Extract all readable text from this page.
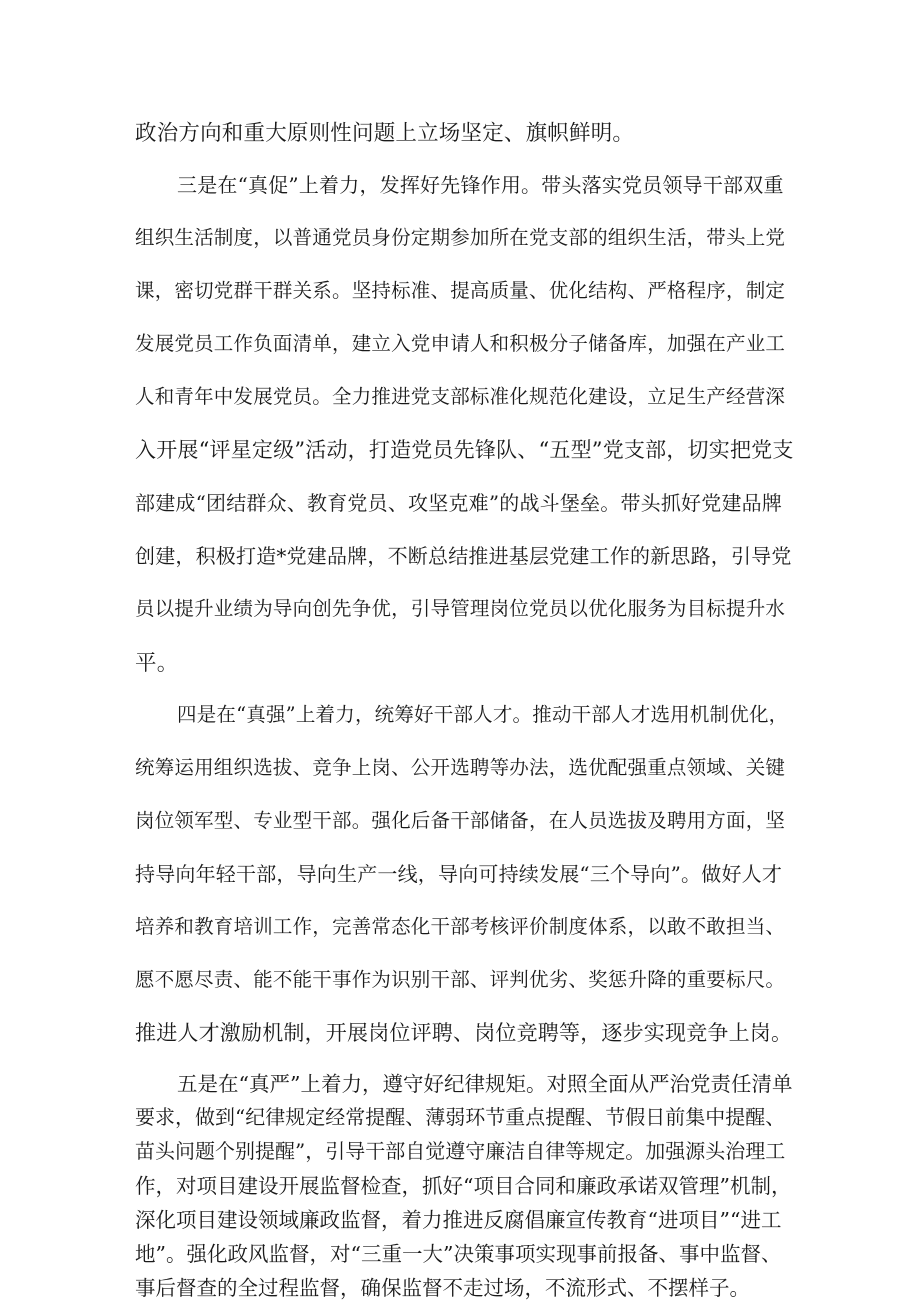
政治方向和重大原则性问题上立场坚定、旗帜鲜明。
三是在“真促”上着力，发挥好先锋作用。带头落实党员领导干部双重
组织生活制度，以普通党员身份定期参加所在党支部的组织生活，带头上党
课，密切党群干群关系。坚持标准、提高质量、优化结构、严格程序，制定
发展党员工作负面清单，建立入党申请人和积极分子储备库，加强在产业工
人和青年中发展党员。全力推进党支部标准化规范化建设，立足生产经营深
入开展“评星定级”活动，打造党员先锋队、“五型”党支部，切实把党支
部建成“团结群众、教育党员、攻坚克难”的战斗堡垒。带头抓好党建品牌
创建，积极打造*党建品牌，不断总结推进基层党建工作的新思路，引导党
员以提升业绩为导向创先争优，引导管理岗位党员以优化服务为目标提升水
平。
四是在“真强”上着力，统筹好干部人才。推动干部人才选用机制优化，
统筹运用组织选拔、竞争上岗、公开选聘等办法，选优配强重点领域、关键
岗位领军型、专业型干部。强化后备干部储备，在人员选拔及聘用方面，坚
持导向年轻干部，导向生产一线，导向可持续发展“三个导向”。做好人才
培养和教育培训工作，完善常态化干部考核评价制度体系，以敢不敢担当、
愿不愿尽责、能不能干事作为识别干部、评判优劣、奖惩升降的重要标尺。
推进人才激励机制，开展岗位评聘、岗位竞聘等，逐步实现竞争上岗。
五是在“真严”上着力，遵守好纪律规矩。对照全面从严治党责任清单
要求，做到“纪律规定经常提醒、薄弱环节重点提醒、节假日前集中提醒、
苗头问题个别提醒”，引导干部自觉遵守廉洁自律等规定。加强源头治理工
作，对项目建设开展监督检查，抓好“项目合同和廉政承诺双管理”机制，
深化项目建设领域廉政监督，着力推进反腐倡廉宣传教育“进项目”“进工
地”。强化政风监督，对“三重一大”决策事项实现事前报备、事中监督、
事后督查的全过程监督，确保监督不走过场，不流形式、不摆样子。
